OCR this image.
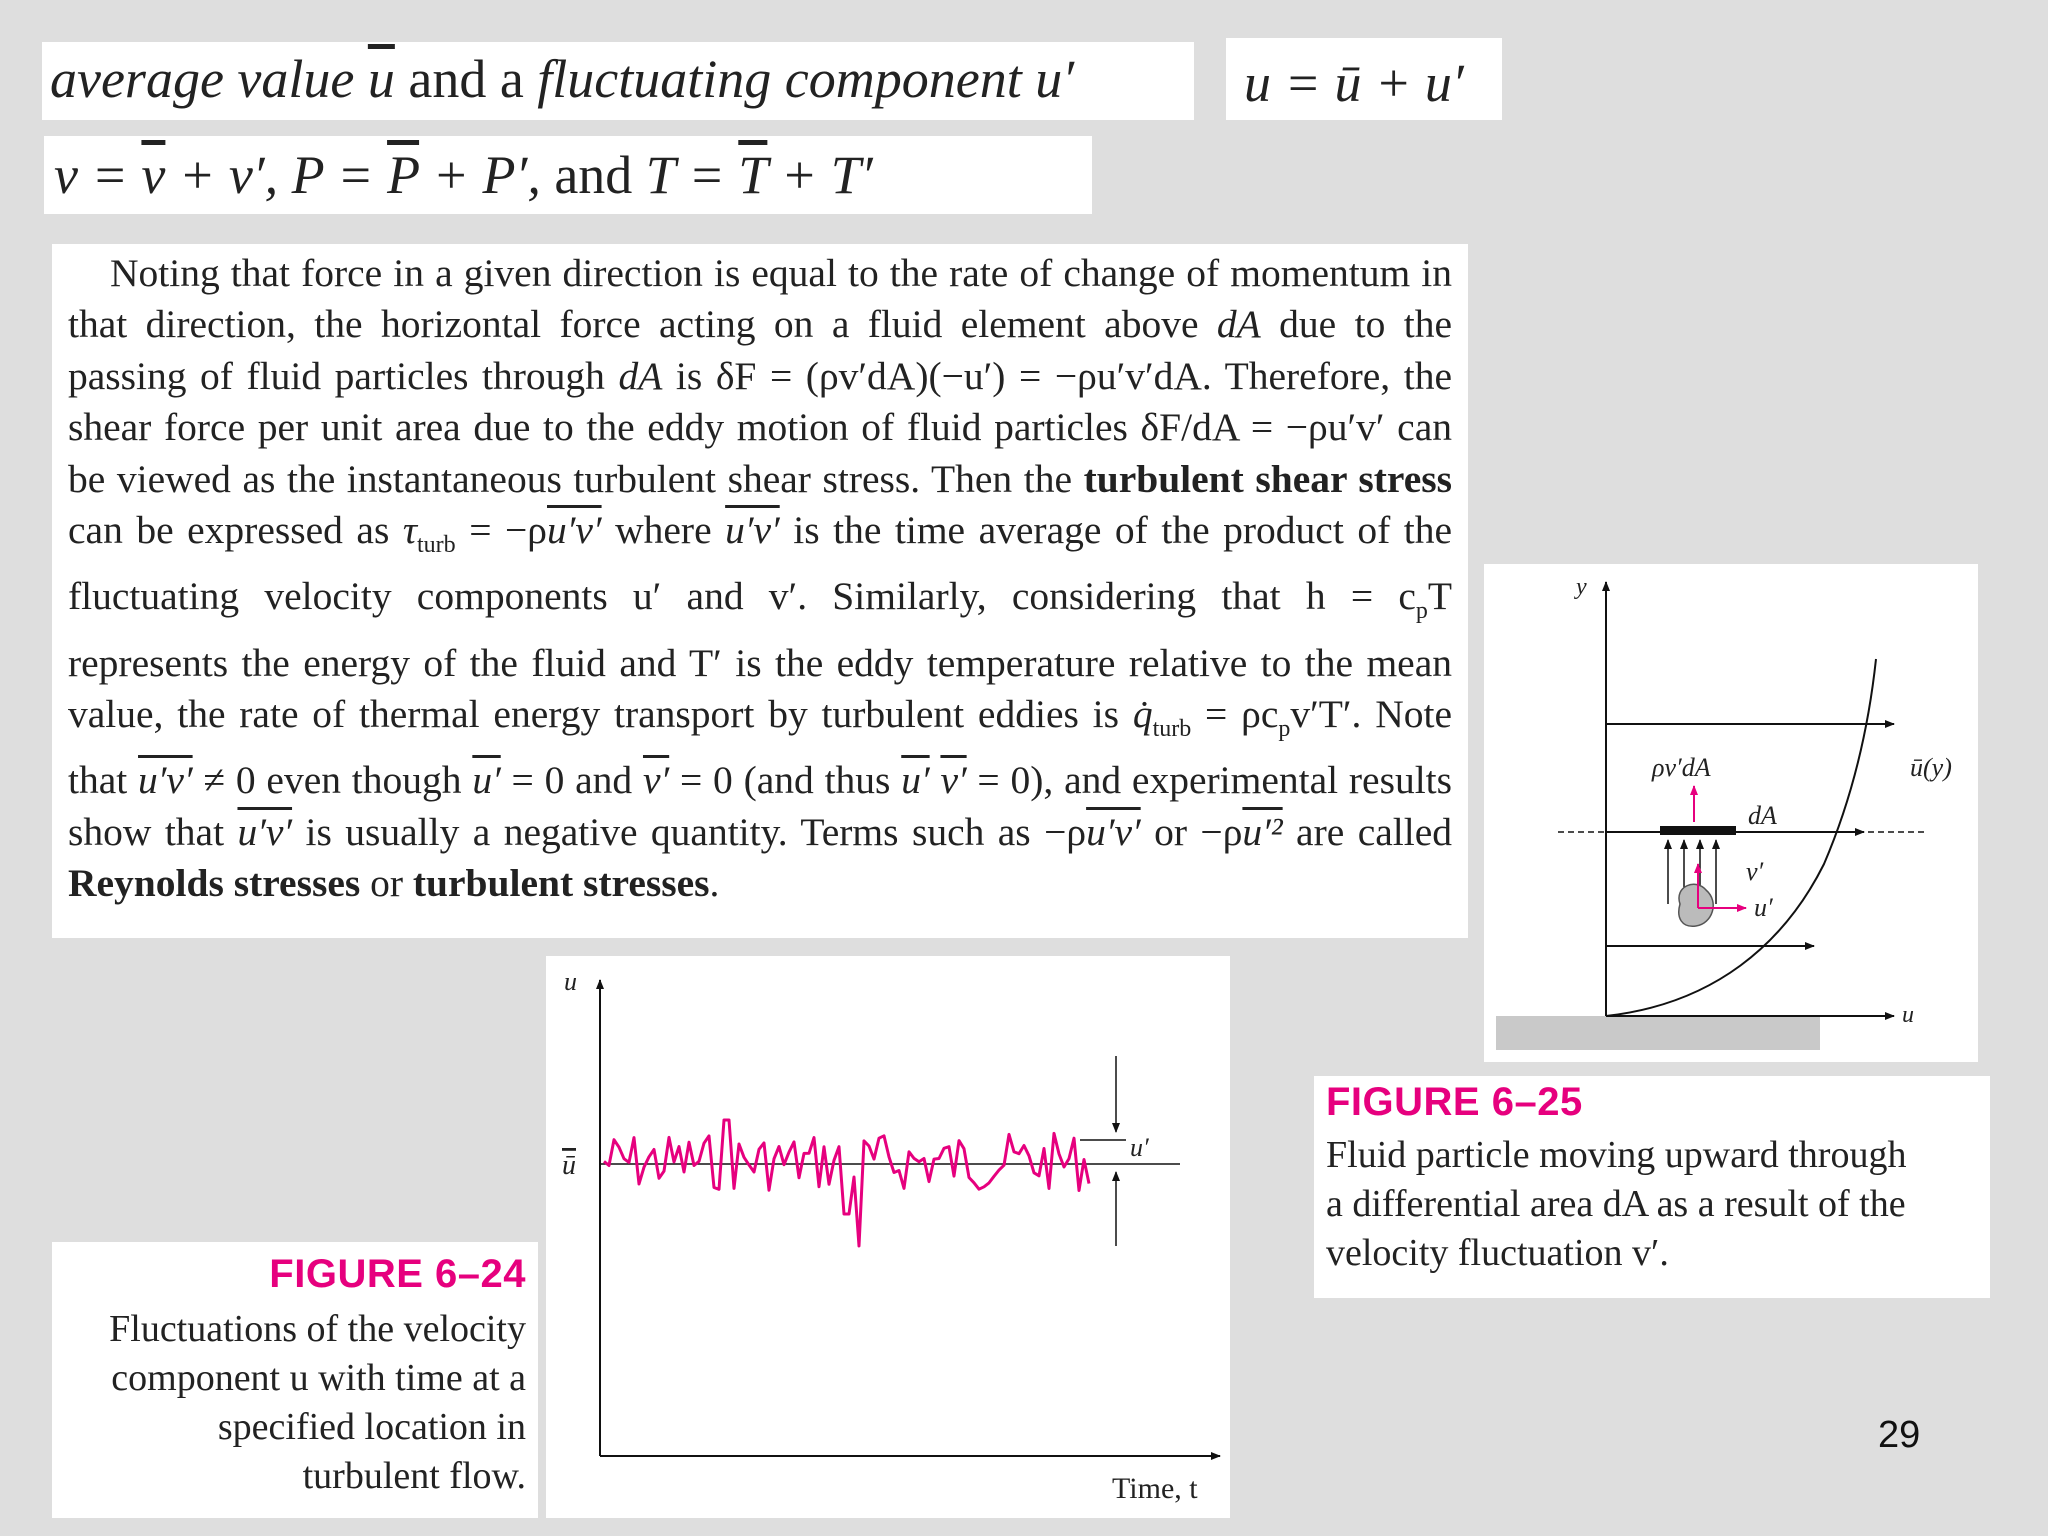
average value $\overline{u}$ and a fluctuating component u′	u = ū + u′
$v = \overline{v} + v'$, $P = \overline{P} + P'$, and $T = \overline{T} + T'$

Noting that force in a given direction is equal to the rate of change of momentum in that direction, the horizontal force acting on a fluid element above dA due to the passing of fluid particles through dA is δF = (ρv′dA)(−u′) = −ρu′v′dA. Therefore, the shear force per unit area due to the eddy motion of fluid particles δF/dA = −ρu′v′ can be viewed as the instantaneous turbulent shear stress. Then the turbulent shear stress can be expressed as $\tau_{turb} = -\rho u'v'$ where u′v′ is the time average of the product of the fluctuating velocity components u′ and v′. Similarly, considering that $h = c_pT$ represents the energy of the fluid and T′ is the eddy temperature relative to the mean value, the rate of thermal energy transport by turbulent eddies is $q̇_{turb} = \rho c_pv'T'$. Note that u′v′ ≠ 0 even though u′ = 0 and v′ = 0 (and thus u′ v′ = 0), and experimental results show that u′v′ is usually a negative quantity. Terms such as −ρu′v′ or −ρu′² are called Reynolds stresses or turbulent stresses.

y
u
ū(y)
ρv′dA
dA
v′
u′
FIGURE 6–25
Fluid particle moving upward through
a differential area dA as a result of the
velocity fluctuation v′.
u
ū
u′
Time, t
FIGURE 6–24
Fluctuations of the velocity
component u with time at a
specified location in
turbulent flow.
29
